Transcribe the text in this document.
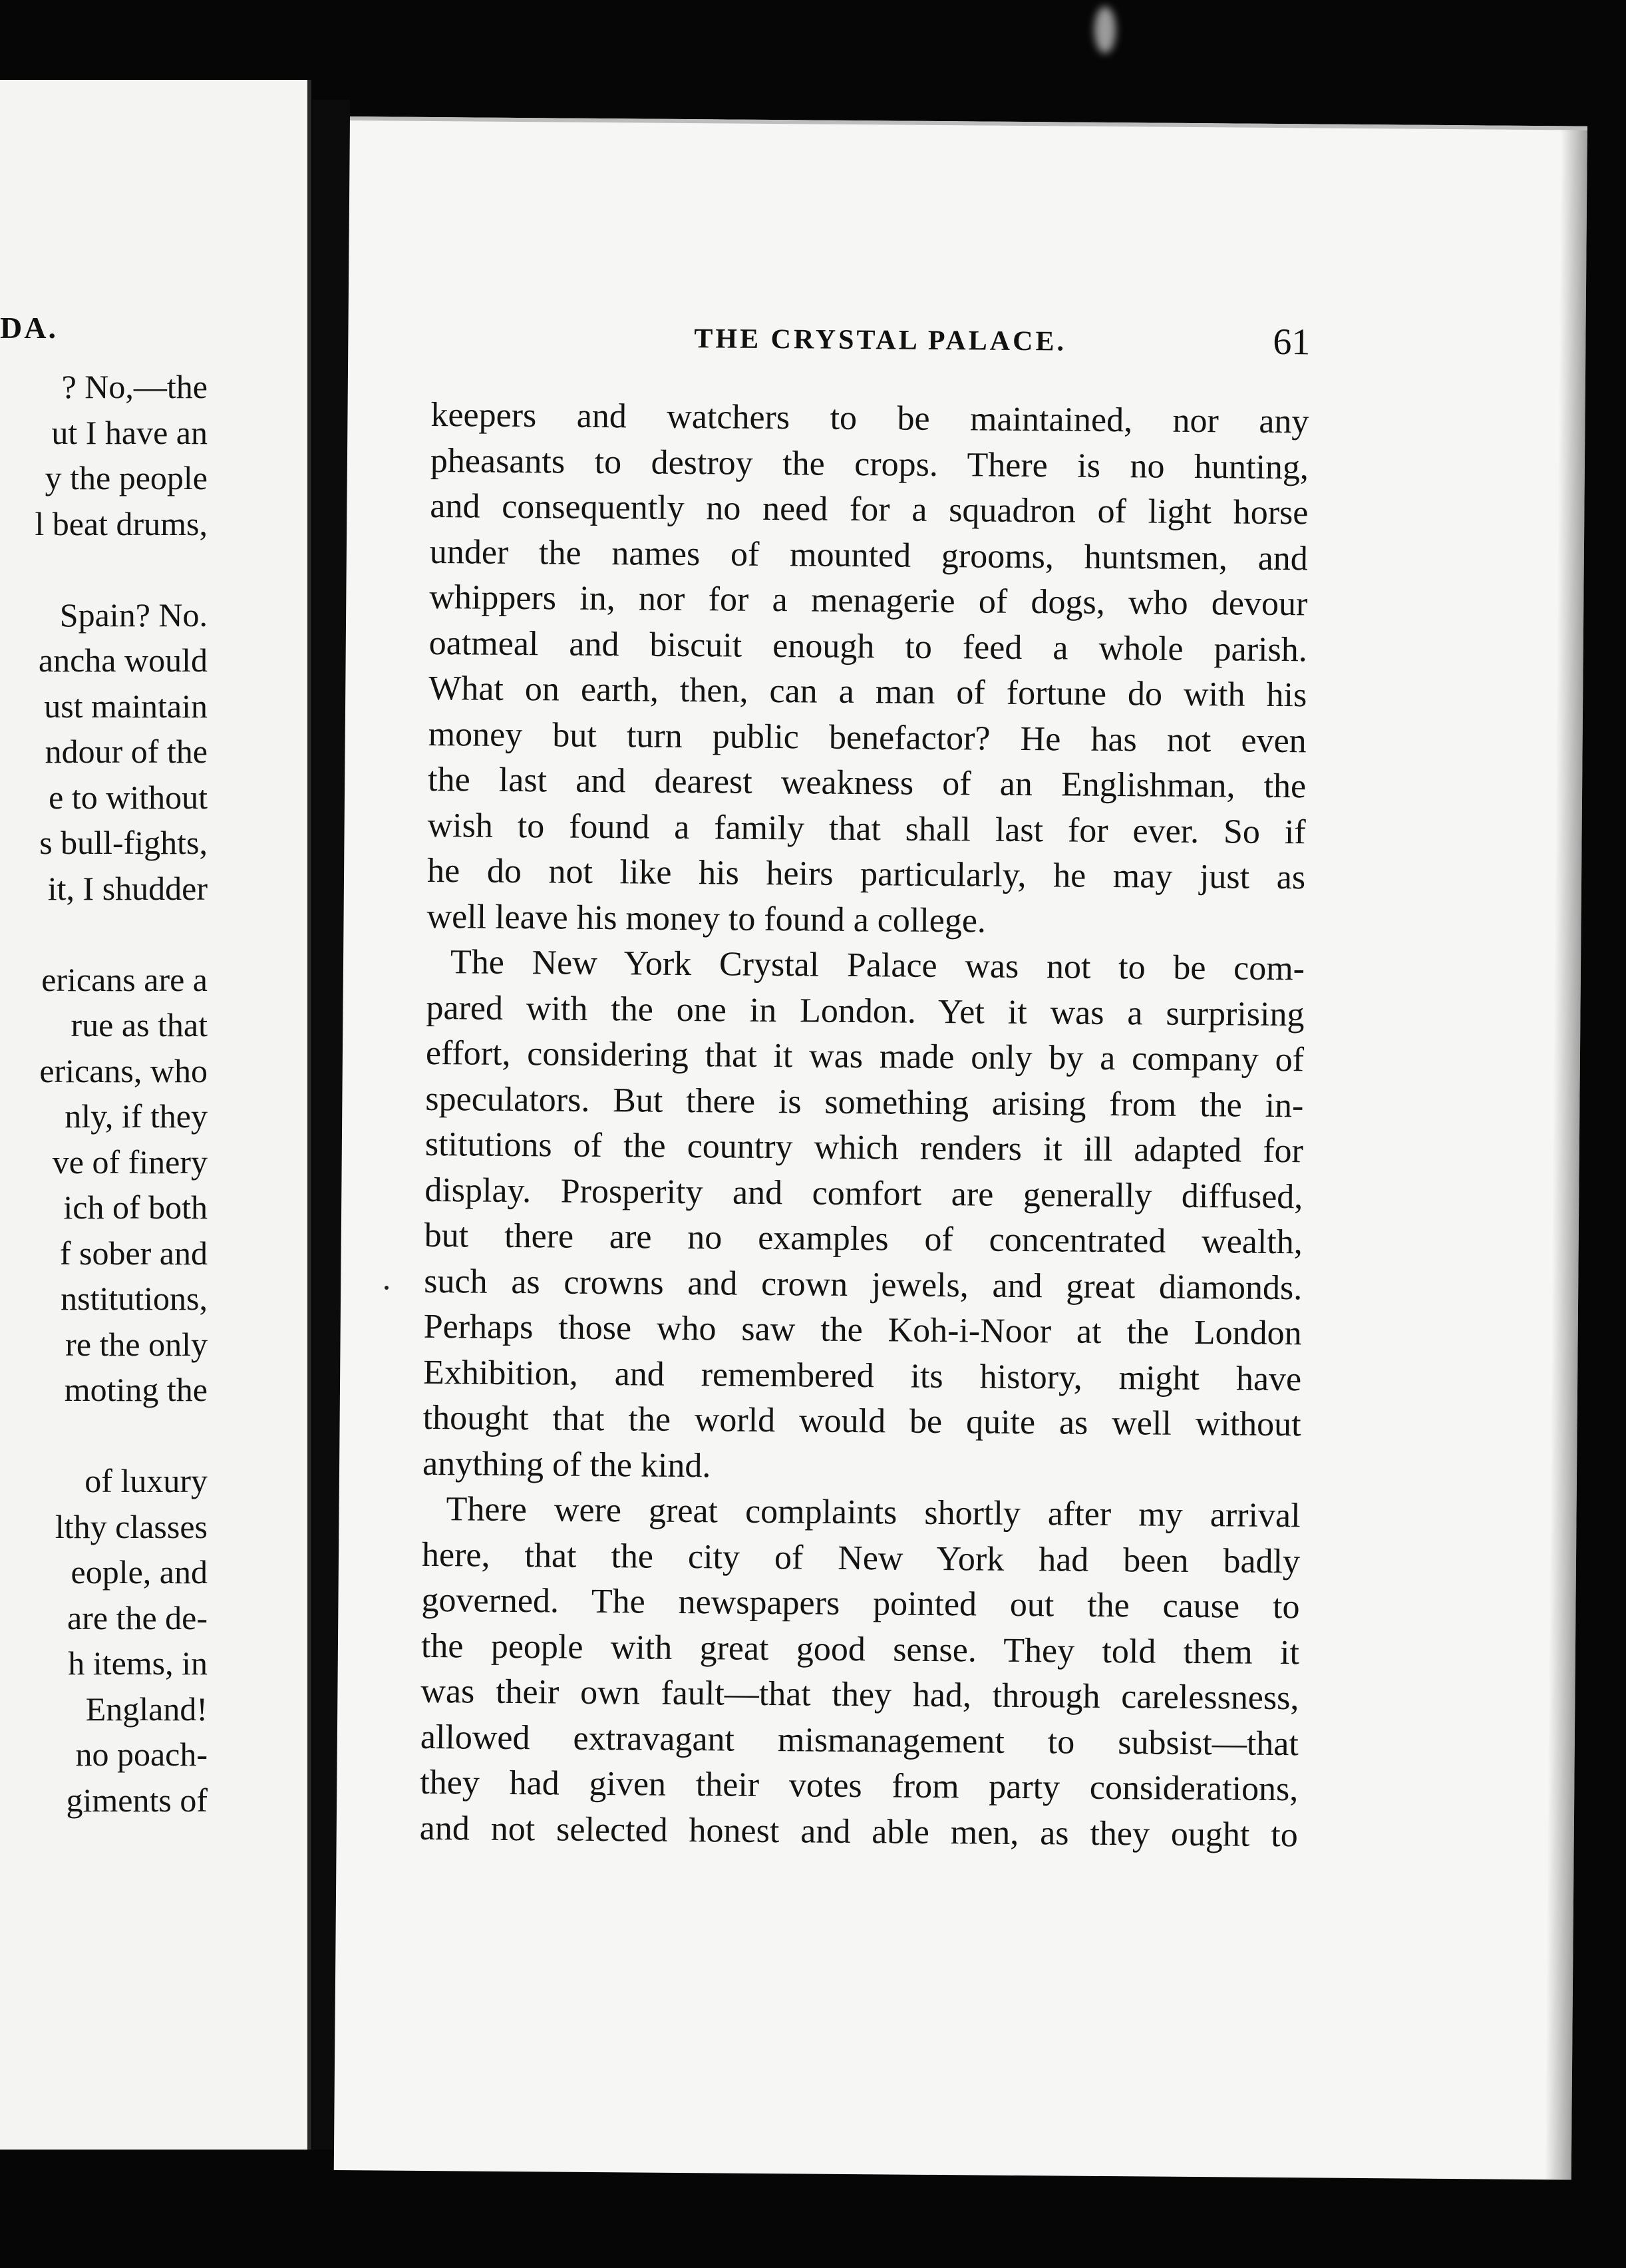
DA.
? No,—the
ut I have an
y the people
l beat drums,
Spain? No.
ancha would
ust maintain
ndour of the
e to without
s bull-fights,
it, I shudder
ericans are a
rue as that
ericans, who
nly, if they
ve of finery
ich of both
f sober and
nstitutions,
re the only
moting the
of luxury
lthy classes
eople, and
are the de-
h items, in
England!
no poach-
giments of
THE CRYSTAL PALACE.	61
keepers and watchers to be maintained, nor any
pheasants to destroy the crops. There is no hunting,
and consequently no need for a squadron of light horse
under the names of mounted grooms, huntsmen, and
whippers in, nor for a menagerie of dogs, who devour
oatmeal and biscuit enough to feed a whole parish.
What on earth, then, can a man of fortune do with his
money but turn public benefactor? He has not even
the last and dearest weakness of an Englishman, the
wish to found a family that shall last for ever. So if
he do not like his heirs particularly, he may just as
well leave his money to found a college.
The New York Crystal Palace was not to be com-
pared with the one in London. Yet it was a surprising
effort, considering that it was made only by a company of
speculators. But there is something arising from the in-
stitutions of the country which renders it ill adapted for
display. Prosperity and comfort are generally diffused,
but there are no examples of concentrated wealth,
such as crowns and crown jewels, and great diamonds.
Perhaps those who saw the Koh-i-Noor at the London
Exhibition, and remembered its history, might have
thought that the world would be quite as well without
anything of the kind.
There were great complaints shortly after my arrival
here, that the city of New York had been badly
governed. The newspapers pointed out the cause to
the people with great good sense. They told them it
was their own fault—that they had, through carelessness,
allowed extravagant mismanagement to subsist—that
they had given their votes from party considerations,
and not selected honest and able men, as they ought to
